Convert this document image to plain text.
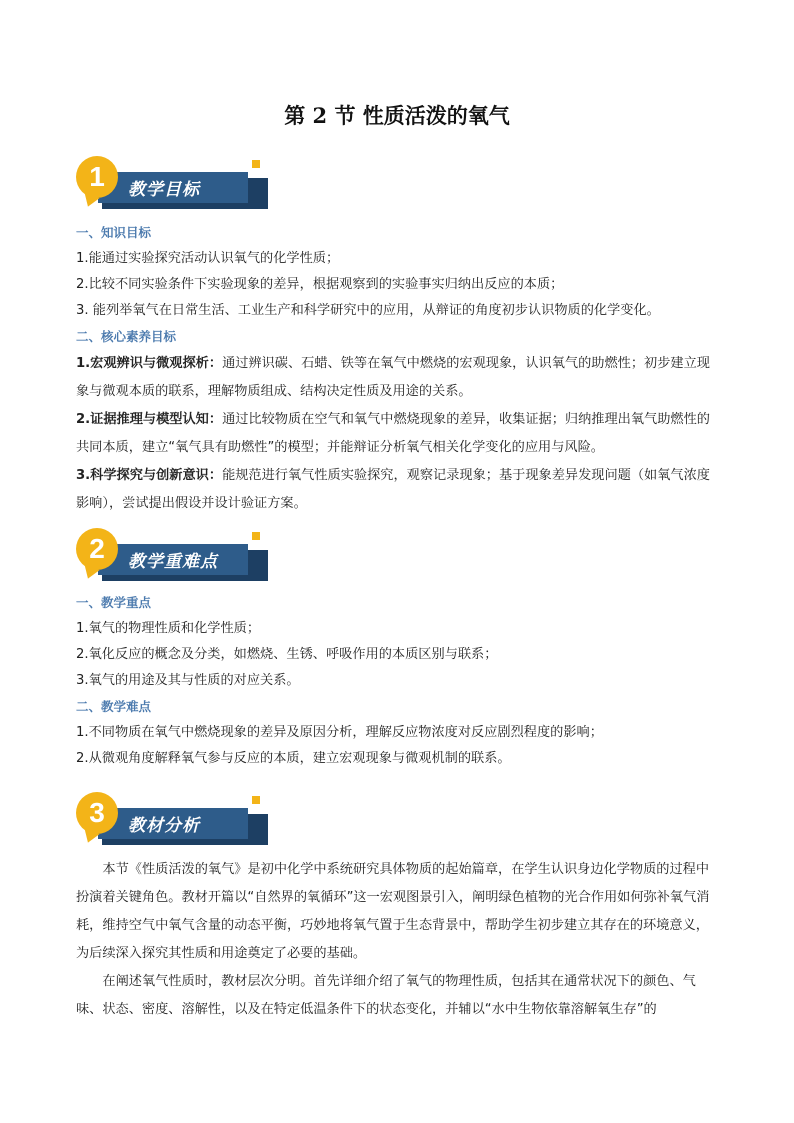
第 2 节 性质活泼的氧气
教学目标
1

一、知识目标

1.能通过实验探究活动认识氧气的化学性质；

2.比较不同实验条件下实验现象的差异，根据观察到的实验事实归纳出反应的本质；

3. 能列举氧气在日常生活、工业生产和科学研究中的应用，从辩证的角度初步认识物质的化学变化。

二、核心素养目标

1.宏观辨识与微观探析：通过辨识碳、石蜡、铁等在氧气中燃烧的宏观现象，认识氧气的助燃性；初步建立现象与微观本质的联系，理解物质组成、结构决定性质及用途的关系。

2.证据推理与模型认知：通过比较物质在空气和氧气中燃烧现象的差异，收集证据；归纳推理出氧气助燃性的共同本质，建立“氧气具有助燃性”的模型；并能辩证分析氧气相关化学变化的应用与风险。

3.科学探究与创新意识：能规范进行氧气性质实验探究，观察记录现象；基于现象差异发现问题（如氧气浓度影响），尝试提出假设并设计验证方案。

教学重难点
2

一、教学重点

1.氧气的物理性质和化学性质；

2.氧化反应的概念及分类，如燃烧、生锈、呼吸作用的本质区别与联系；

3.氧气的用途及其与性质的对应关系。

二、教学难点

1.不同物质在氧气中燃烧现象的差异及原因分析，理解反应物浓度对反应剧烈程度的影响；

2.从微观角度解释氧气参与反应的本质，建立宏观现象与微观机制的联系。

教材分析
3

本节《性质活泼的氧气》是初中化学中系统研究具体物质的起始篇章，在学生认识身边化学物质的过程中扮演着关键角色。教材开篇以“自然界的氧循环”这一宏观图景引入，阐明绿色植物的光合作用如何弥补氧气消耗，维持空气中氧气含量的动态平衡，巧妙地将氧气置于生态背景中，帮助学生初步建立其存在的环境意义，为后续深入探究其性质和用途奠定了必要的基础。

在阐述氧气性质时，教材层次分明。首先详细介绍了氧气的物理性质，包括其在通常状况下的颜色、气味、状态、密度、溶解性，以及在特定低温条件下的状态变化，并辅以“水中生物依靠溶解氧生存”的
